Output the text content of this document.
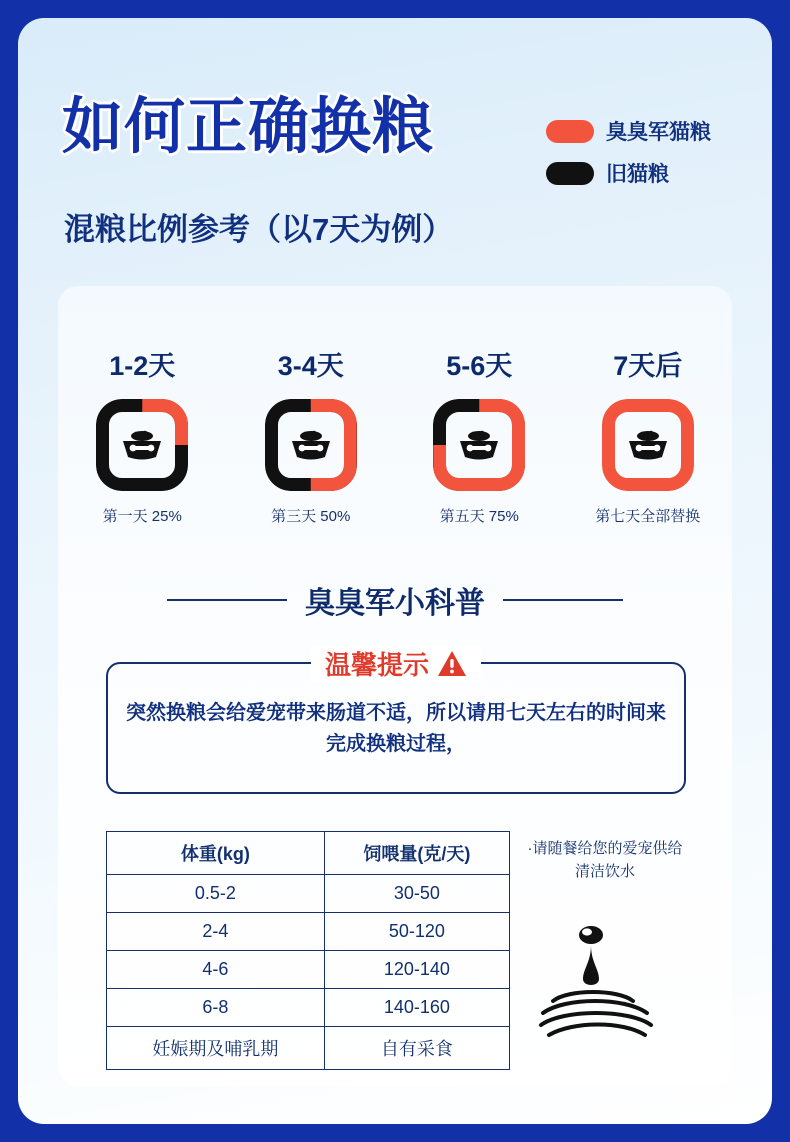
如何正确换粮
混粮比例参考（以7天为例）
臭臭军猫粮
旧猫粮
1-2天
第一天 25%
3-4天
第三天 50%
5-6天
第五天 75%
7天后
第七天全部替换
臭臭军小科普
温馨提示
突然换粮会给爱宠带来肠道不适，所以请用七天左右的时间来完成换粮过程，
体重(kg)	饲喂量(克/天)
0.5-2	30-50
2-4	50-120
4-6	120-140
6-8	140-160
妊娠期及哺乳期	自有采食
·请随餐给您的爱宠供给清洁饮水
